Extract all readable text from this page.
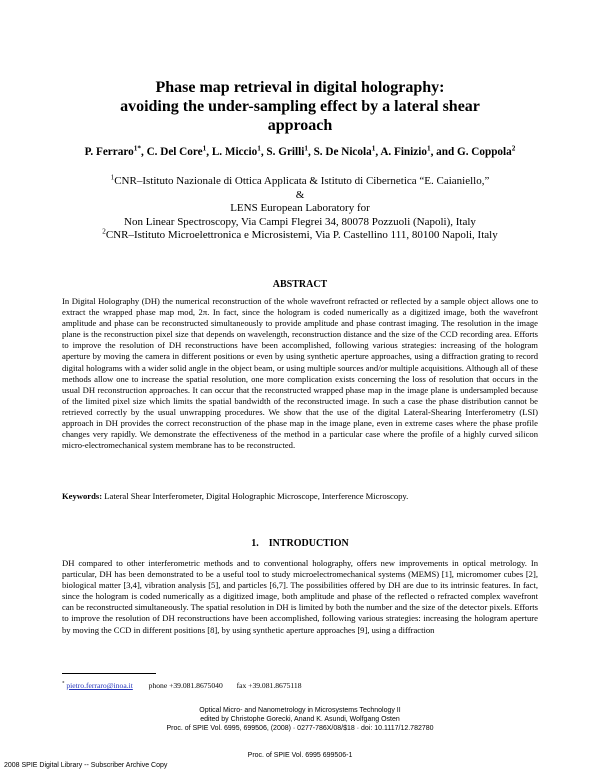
Phase map retrieval in digital holography:
avoiding the under-sampling effect by a lateral shear
approach
P. Ferraro$^{1*}$, C. Del Core$^1$, L. Miccio$^1$, S. Grilli$^1$, S. De Nicola$^1$, A. Finizio$^1$, and G. Coppola$^2$
$^1$CNR–Istituto Nazionale di Ottica Applicata & Istituto di Cibernetica “E. Caianiello,”
&
LENS European Laboratory for
Non Linear Spectroscopy, Via Campi Flegrei 34, 80078 Pozzuoli (Napoli), Italy
$^2$CNR–Istituto Microelettronica e Microsistemi, Via P. Castellino 111, 80100 Napoli, Italy
ABSTRACT
In Digital Holography (DH) the numerical reconstruction of the whole wavefront refracted or reflected by a sample object allows one to extract the wrapped phase map mod, 2π. In fact, since the hologram is coded numerically as a digitized image, both the wavefront amplitude and phase can be reconstructed simultaneously to provide amplitude and phase contrast imaging. The resolution in the image plane is the reconstruction pixel size that depends on wavelength, reconstruction distance and the size of the CCD recording area. Efforts to improve the resolution of DH reconstructions have been accomplished, following various strategies: increasing of the hologram aperture by moving the camera in different positions or even by using synthetic aperture approaches, using a diffraction grating to record digital holograms with a wider solid angle in the object beam, or using multiple sources and/or multiple acquisitions. Although all of these methods allow one to increase the spatial resolution, one more complication exists concerning the loss of resolution that occurs in the usual DH reconstruction approaches. It can occur that the reconstructed wrapped phase map in the image plane is undersampled because of the limited pixel size which limits the spatial bandwidth of the reconstructed image. In such a case the phase distribution cannot be retrieved correctly by the usual unwrapping procedures. We show that the use of the digital Lateral-Shearing Interferometry (LSI) approach in DH provides the correct reconstruction of the phase map in the image plane, even in extreme cases where the phase profile changes very rapidly. We demonstrate the effectiveness of the method in a particular case where the profile of a highly curved silicon micro-electromechanical system membrane has to be reconstructed.
Keywords: Lateral Shear Interferometer, Digital Holographic Microscope, Interference Microscopy.
1.    INTRODUCTION
DH compared to other interferometric methods and to conventional holography, offers new improvements in optical metrology. In particular, DH has been demonstrated to be a useful tool to study microelectromechanical systems (MEMS) [1], micromomer cubes [2], biological matter [3,4], vibration analysis [5], and particles [6,7]. The possibilities offered by DH are due to its intrinsic features. In fact, since the hologram is coded numerically as a digitized image, both amplitude and phase of the reflected o refracted complex wavefront can be reconstructed simultaneously. The spatial resolution in DH is limited by both the number and the size of the detector pixels. Efforts to improve the resolution of DH reconstructions have been accomplished, following various strategies: increasing the hologram aperture by moving the CCD in different positions [8], by using synthetic aperture approaches [9], using a diffraction
* pietro.ferraro@inoa.it phone +39.081.8675040 fax +39.081.8675118
Optical Micro- and Nanometrology in Microsystems Technology II
edited by Christophe Gorecki, Anand K. Asundi, Wolfgang Osten
Proc. of SPIE Vol. 6995, 699506, (2008) · 0277-786X/08/$18 · doi: 10.1117/12.782780
Proc. of SPIE Vol. 6995 699506-1
2008 SPIE Digital Library -- Subscriber Archive Copy
